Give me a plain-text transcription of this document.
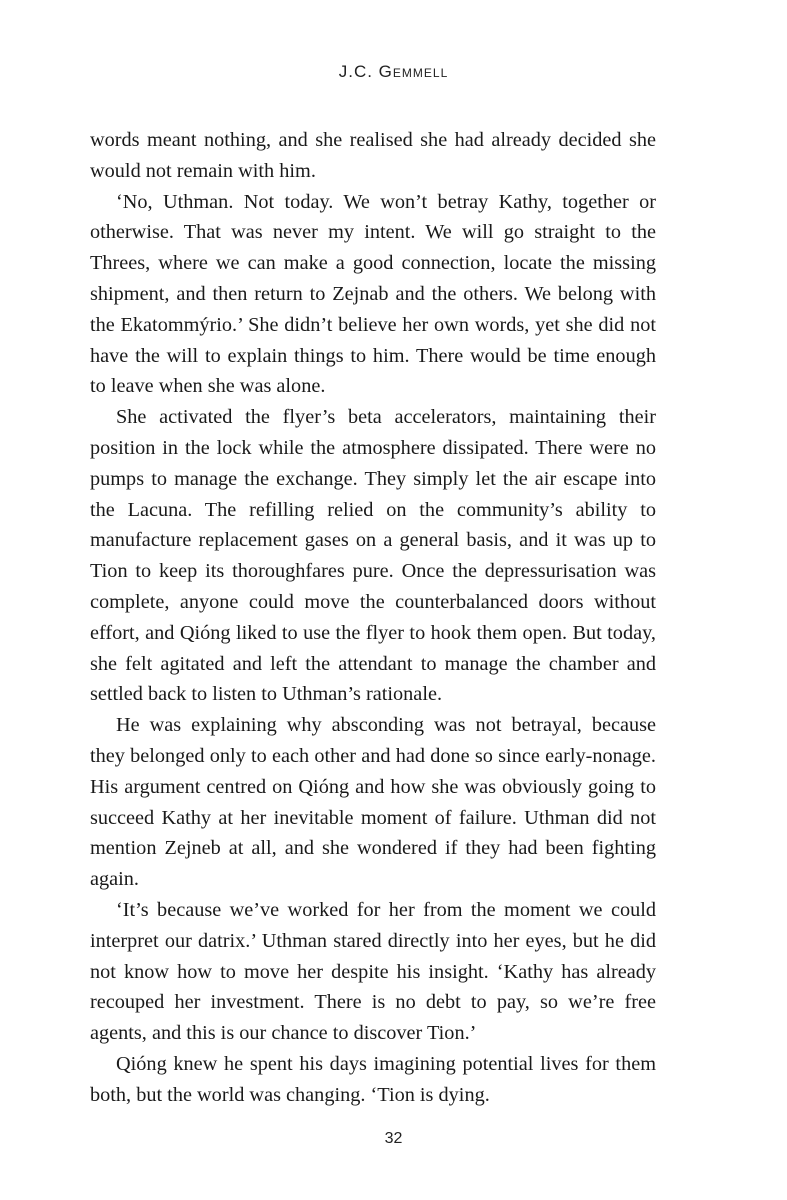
J.C. Gemmell

words meant nothing, and she realised she had already decided she would not remain with him.

‘No, Uthman. Not today. We won’t betray Kathy, together or otherwise. That was never my intent. We will go straight to the Threes, where we can make a good connection, locate the missing shipment, and then return to Zejnab and the others. We belong with the Ekatommýrio.’ She didn’t believe her own words, yet she did not have the will to explain things to him. There would be time enough to leave when she was alone.

She activated the flyer’s beta accelerators, maintaining their position in the lock while the atmosphere dissipated. There were no pumps to manage the exchange. They simply let the air escape into the Lacuna. The refilling relied on the community’s ability to manufacture replacement gases on a general basis, and it was up to Tion to keep its thoroughfares pure. Once the depressurisation was complete, anyone could move the counterbalanced doors without effort, and Qióng liked to use the flyer to hook them open. But today, she felt agitated and left the attendant to manage the chamber and settled back to listen to Uthman’s rationale.

He was explaining why absconding was not betrayal, because they belonged only to each other and had done so since early-nonage. His argument centred on Qióng and how she was obviously going to succeed Kathy at her inevitable moment of failure. Uthman did not mention Zejneb at all, and she wondered if they had been fighting again.

‘It’s because we’ve worked for her from the moment we could interpret our datrix.’ Uthman stared directly into her eyes, but he did not know how to move her despite his insight. ‘Kathy has already recouped her investment. There is no debt to pay, so we’re free agents, and this is our chance to discover Tion.’

Qióng knew he spent his days imagining potential lives for them both, but the world was changing. ‘Tion is dying.

32
